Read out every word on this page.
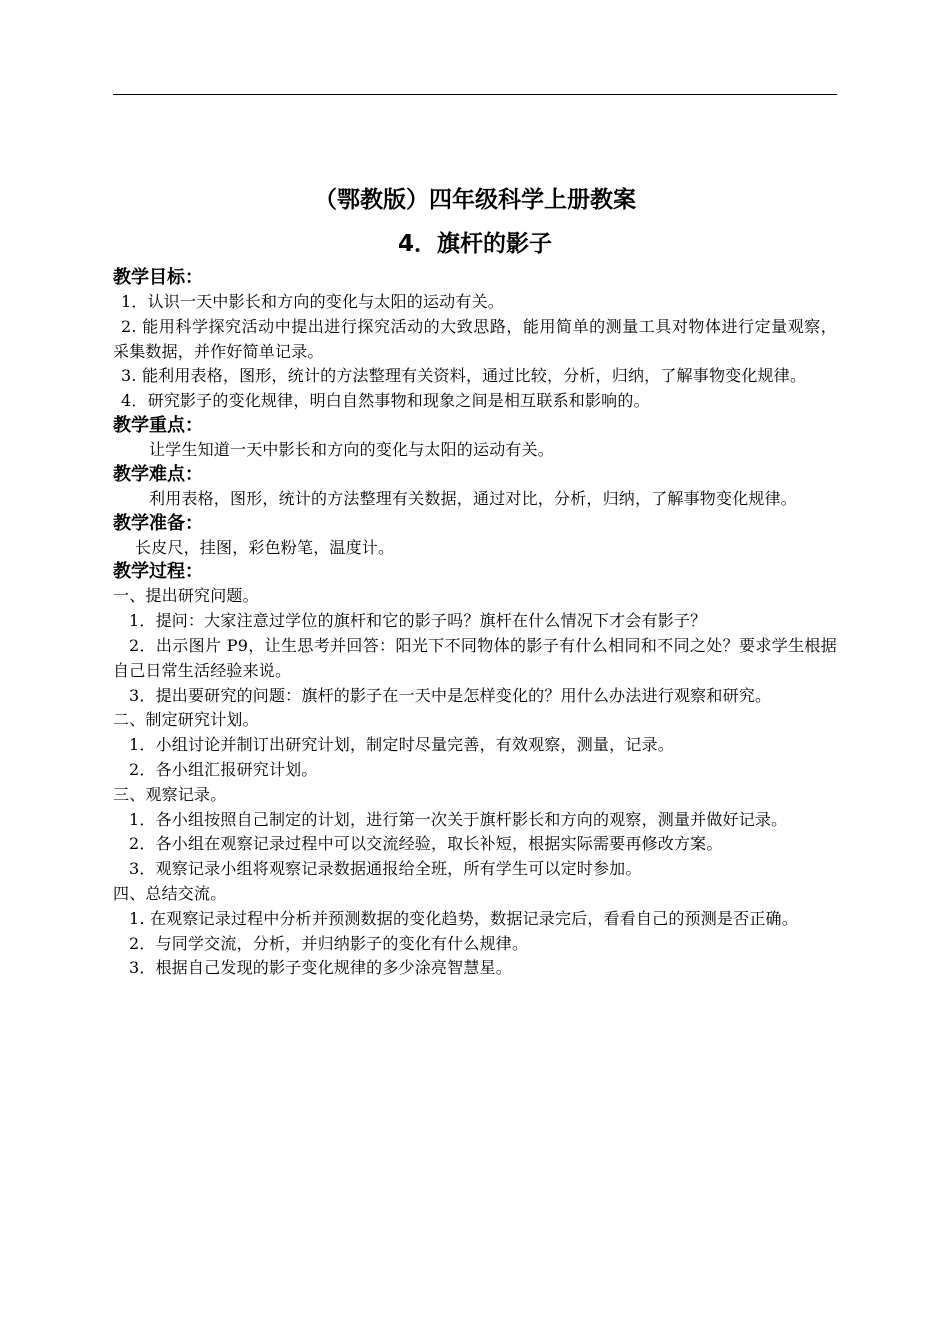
（鄂教版）四年级科学上册教案
4．旗杆的影子
教学目标：

1．认识一天中影长和方向的变化与太阳的运动有关。

2. 能用科学探究活动中提出进行探究活动的大致思路，能用简单的测量工具对物体进行定量观察，采集数据，并作好简单记录。

3. 能利用表格，图形，统计的方法整理有关资料，通过比较，分析，归纳，了解事物变化规律。

4．研究影子的变化规律，明白自然事物和现象之间是相互联系和影响的。

教学重点：

让学生知道一天中影长和方向的变化与太阳的运动有关。

教学难点：

利用表格，图形，统计的方法整理有关数据，通过对比，分析，归纳，了解事物变化规律。

教学准备：

长皮尺，挂图，彩色粉笔，温度计。

教学过程：

一、提出研究问题。

1．提问：大家注意过学位的旗杆和它的影子吗？旗杆在什么情况下才会有影子？

2．出示图片 P9，让生思考并回答：阳光下不同物体的影子有什么相同和不同之处？要求学生根据自己日常生活经验来说。

3．提出要研究的问题：旗杆的影子在一天中是怎样变化的？用什么办法进行观察和研究。

二、制定研究计划。

1．小组讨论并制订出研究计划，制定时尽量完善，有效观察，测量，记录。

2．各小组汇报研究计划。

三、观察记录。

1．各小组按照自己制定的计划，进行第一次关于旗杆影长和方向的观察，测量并做好记录。

2．各小组在观察记录过程中可以交流经验，取长补短，根据实际需要再修改方案。

3．观察记录小组将观察记录数据通报给全班，所有学生可以定时参加。

四、总结交流。

1. 在观察记录过程中分析并预测数据的变化趋势，数据记录完后，看看自己的预测是否正确。

2．与同学交流，分析，并归纳影子的变化有什么规律。

3．根据自己发现的影子变化规律的多少涂亮智慧星。
